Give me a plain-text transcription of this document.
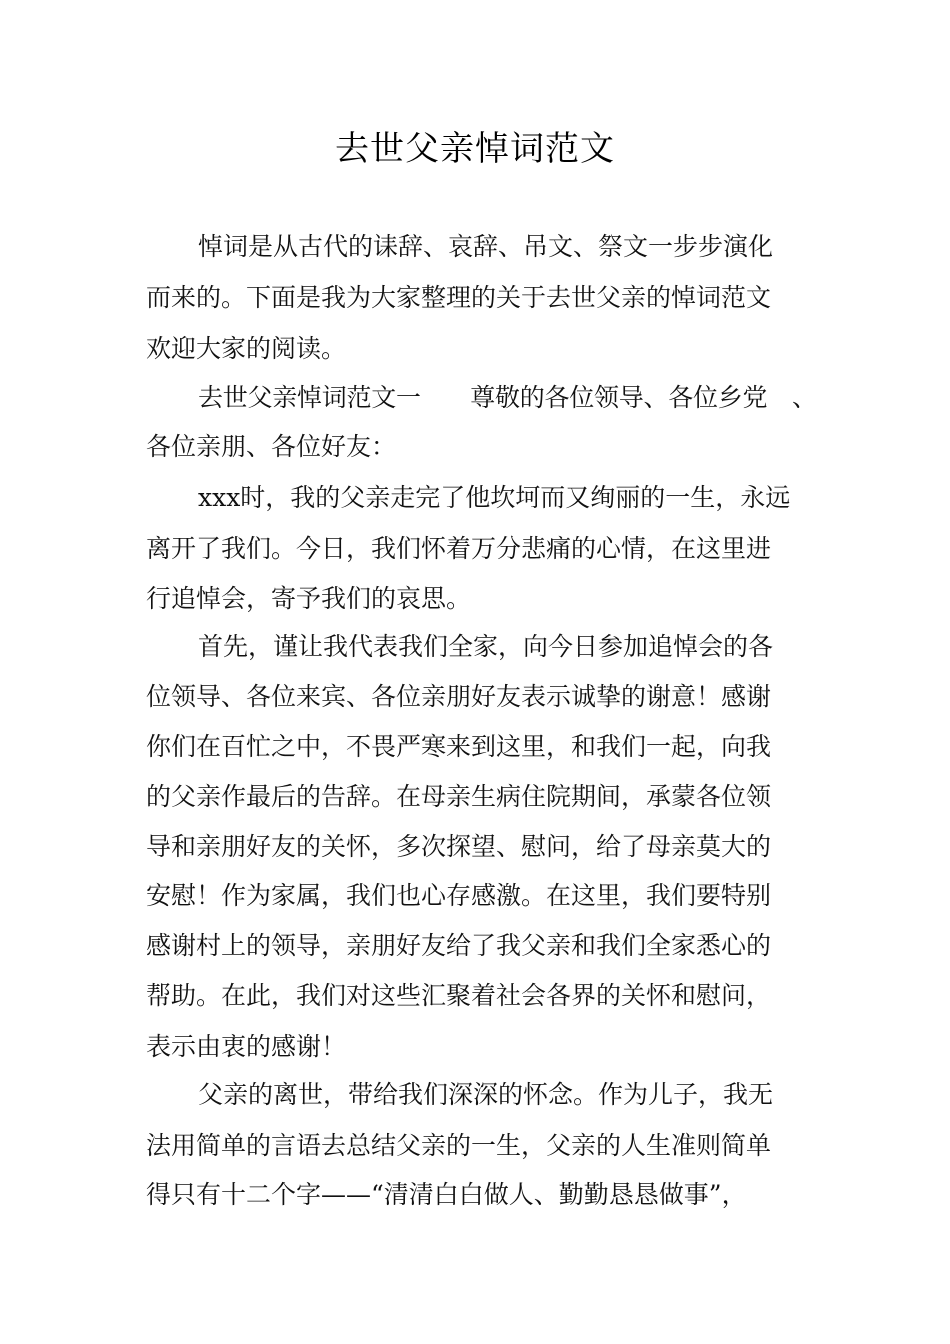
去世父亲悼词范文

悼词是从古代的诔辞、哀辞、吊文、祭文一步步演化

而来的。下面是我为大家整理的关于去世父亲的悼词范文

欢迎大家的阅读。

去世父亲悼词范文一　　尊敬的各位领导、各位乡党　、

各位亲朋、各位好友：

xxx时，我的父亲走完了他坎坷而又绚丽的一生，永远

离开了我们。今日，我们怀着万分悲痛的心情，在这里进

行追悼会，寄予我们的哀思。

首先，谨让我代表我们全家，向今日参加追悼会的各

位领导、各位来宾、各位亲朋好友表示诚挚的谢意！感谢

你们在百忙之中，不畏严寒来到这里，和我们一起，向我

的父亲作最后的告辞。在母亲生病住院期间，承蒙各位领

导和亲朋好友的关怀，多次探望、慰问，给了母亲莫大的

安慰！作为家属，我们也心存感激。在这里，我们要特别

感谢村上的领导，亲朋好友给了我父亲和我们全家悉心的

帮助。在此，我们对这些汇聚着社会各界的关怀和慰问，

表示由衷的感谢！

父亲的离世，带给我们深深的怀念。作为儿子，我无

法用简单的言语去总结父亲的一生，父亲的人生准则简单

得只有十二个字——“清清白白做人、勤勤恳恳做事”，
